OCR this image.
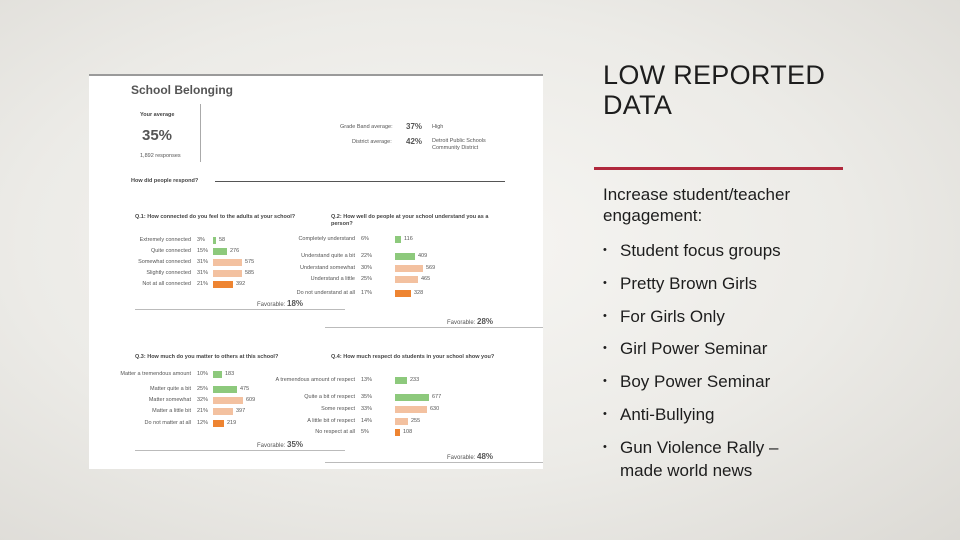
School Belonging
Your average
35%
1,892 responses
Grade Band average: 37% High
District average: 42% Detroit Public Schools
Community District
How did people respond?
Q.1: How connected do you feel to the adults at your school?
Extremely connected 3%	58
Quite connected 15%	276
Somewhat connected 31%	575
Slightly connected 31%	585
Not at all connected 21%	392
Favorable: 18%
Q.2: How well do people at your school understand you as a person?
Completely understand 6%	116
Understand quite a bit 22%	409
Understand somewhat 30%	569
Understand a little 25%	465
Do not understand at all 17%	328
Favorable: 28%
Q.3: How much do you matter to others at this school?
Matter a tremendous amount 10%	183
Matter quite a bit 25%	475
Matter somewhat 32%	609
Matter a little bit 21%	397
Do not matter at all 12%	219
Favorable: 35%
Q.4: How much respect do students in your school show you?
A tremendous amount of respect 13%	233
Quite a bit of respect 35%	677
Some respect 33%	630
A little bit of respect 14%	255
No respect at all 5%	108
Favorable: 48%
LOW REPORTED
DATA
Increase student/teacher
engagement:
• Student focus groups
• Pretty Brown Girls
• For Girls Only
• Girl Power Seminar
• Boy Power Seminar
• Anti-Bullying
• Gun Violence Rally – made world news
